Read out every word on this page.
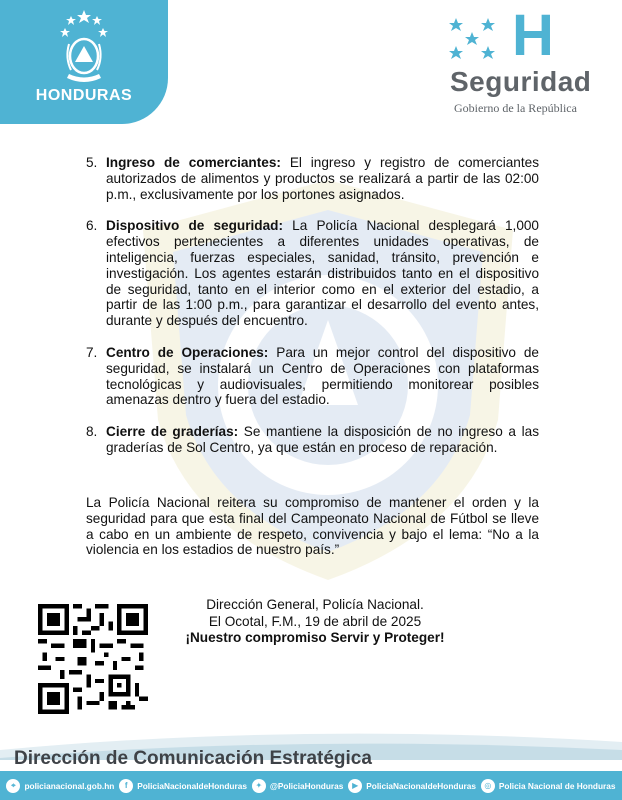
HONDURAS
H
Seguridad
Gobierno de la República
5. Ingreso de comerciantes: El ingreso y registro de comerciantes autorizados de alimentos y productos se realizará a partir de las 02:00 p.m., exclusivamente por los portones asignados.
6. Dispositivo de seguridad: La Policía Nacional desplegará 1,000 efectivos pertenecientes a diferentes unidades operativas, de inteligencia, fuerzas especiales, sanidad, tránsito, prevención e investigación. Los agentes estarán distribuidos tanto en el dispositivo de seguridad, tanto en el interior como en el exterior del estadio, a partir de las 1:00 p.m., para garantizar el desarrollo del evento antes, durante y después del encuentro.
7. Centro de Operaciones: Para un mejor control del dispositivo de seguridad, se instalará un Centro de Operaciones con plataformas tecnológicas y audiovisuales, permitiendo monitorear posibles amenazas dentro y fuera del estadio.
8. Cierre de graderías: Se mantiene la disposición de no ingreso a las graderías de Sol Centro, ya que están en proceso de reparación.
La Policía Nacional reitera su compromiso de mantener el orden y la seguridad para que esta final del Campeonato Nacional de Fútbol se lleve a cabo en un ambiente de respeto, convivencia y bajo el lema: “No a la violencia en los estadios de nuestro país.”
Dirección General, Policía Nacional.
El Ocotal, F.M., 19 de abril de 2025
¡Nuestro compromiso Servir y Proteger!
Dirección de Comunicación Estratégica
⌖	policianacional.gob.hn	f	PoliciaNacionaldeHonduras	✦ @PoliciaHonduras	▶ PoliciaNacionaldeHonduras	◎ Policia Nacional de Honduras
